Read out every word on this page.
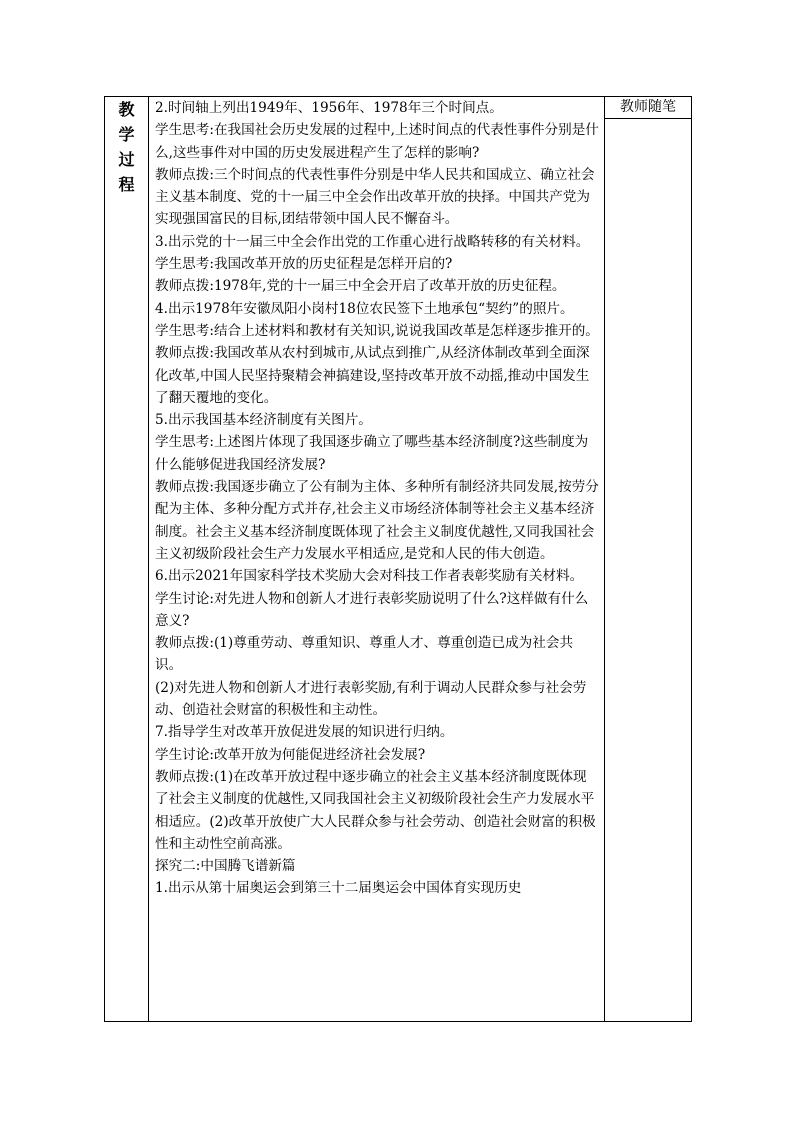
教学过程

2.时间轴上列出1949年、1956年、1978年三个时间点。

学生思考:在我国社会历史发展的过程中,上述时间点的代表性事件分别是什么,这些事件对中国的历史发展进程产生了怎样的影响?

教师点拨:三个时间点的代表性事件分别是中华人民共和国成立、确立社会主义基本制度、党的十一届三中全会作出改革开放的抉择。中国共产党为实现强国富民的目标,团结带领中国人民不懈奋斗。

3.出示党的十一届三中全会作出党的工作重心进行战略转移的有关材料。

学生思考:我国改革开放的历史征程是怎样开启的?

教师点拨:1978年,党的十一届三中全会开启了改革开放的历史征程。

4.出示1978年安徽凤阳小岗村18位农民签下土地承包“契约”的照片。

学生思考:结合上述材料和教材有关知识,说说我国改革是怎样逐步推开的。

教师点拨:我国改革从农村到城市,从试点到推广,从经济体制改革到全面深化改革,中国人民坚持聚精会神搞建设,坚持改革开放不动摇,推动中国发生了翻天覆地的变化。

5.出示我国基本经济制度有关图片。

学生思考:上述图片体现了我国逐步确立了哪些基本经济制度?这些制度为什么能够促进我国经济发展?

教师点拨:我国逐步确立了公有制为主体、多种所有制经济共同发展,按劳分配为主体、多种分配方式并存,社会主义市场经济体制等社会主义基本经济制度。社会主义基本经济制度既体现了社会主义制度优越性,又同我国社会主义初级阶段社会生产力发展水平相适应,是党和人民的伟大创造。

6.出示2021年国家科学技术奖励大会对科技工作者表彰奖励有关材料。

学生讨论:对先进人物和创新人才进行表彰奖励说明了什么?这样做有什么意义?

教师点拨:(1)尊重劳动、尊重知识、尊重人才、尊重创造已成为社会共识。

(2)对先进人物和创新人才进行表彰奖励,有利于调动人民群众参与社会劳动、创造社会财富的积极性和主动性。

7.指导学生对改革开放促进发展的知识进行归纳。

学生讨论:改革开放为何能促进经济社会发展?

教师点拨:(1)在改革开放过程中逐步确立的社会主义基本经济制度既体现了社会主义制度的优越性,又同我国社会主义初级阶段社会生产力发展水平相适应。(2)改革开放使广大人民群众参与社会劳动、创造社会财富的积极性和主动性空前高涨。

探究二:中国腾飞谱新篇

1.出示从第十届奥运会到第三十二届奥运会中国体育实现历史

教师随笔
